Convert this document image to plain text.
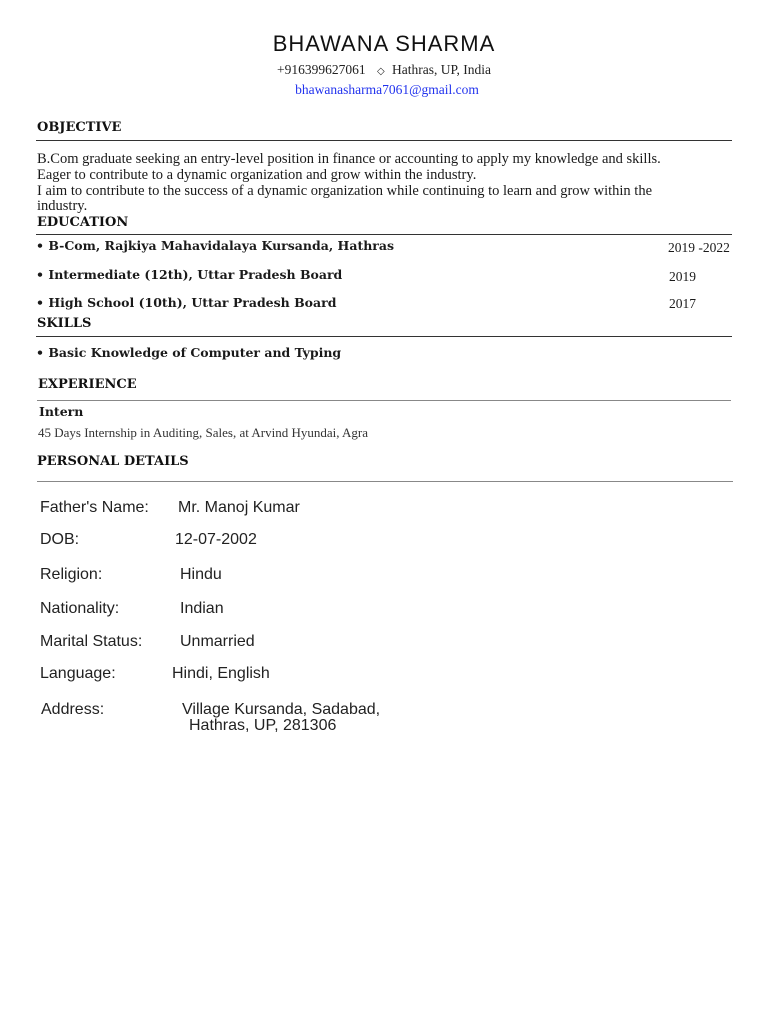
BHAWANA SHARMA
+916399627061 ◇ Hathras, UP, India
bhawanasharma7061@gmail.com
OBJECTIVE
B.Com graduate seeking an entry-level position in finance or accounting to apply my knowledge and skills.
Eager to contribute to a dynamic organization and grow within the industry.
I aim to contribute to the success of a dynamic organization while continuing to learn and grow within the
industry.
EDUCATION
• B-Com, Rajkiya Mahavidalaya Kursanda, Hathras	2019 -2022
• Intermediate (12th), Uttar Pradesh Board	2019
• High School (10th), Uttar Pradesh Board	2017
SKILLS
• Basic Knowledge of Computer and Typing
EXPERIENCE
Intern
45 Days Internship in Auditing, Sales, at Arvind Hyundai, Agra
PERSONAL DETAILS
Father's Name: Mr. Manoj Kumar
DOB:	12-07-2002
Religion:	Hindu
Nationality:	Indian
Marital Status: Unmarried
Language:	Hindi, English
Address:	Village Kursanda, Sadabad,
Hathras, UP, 281306
